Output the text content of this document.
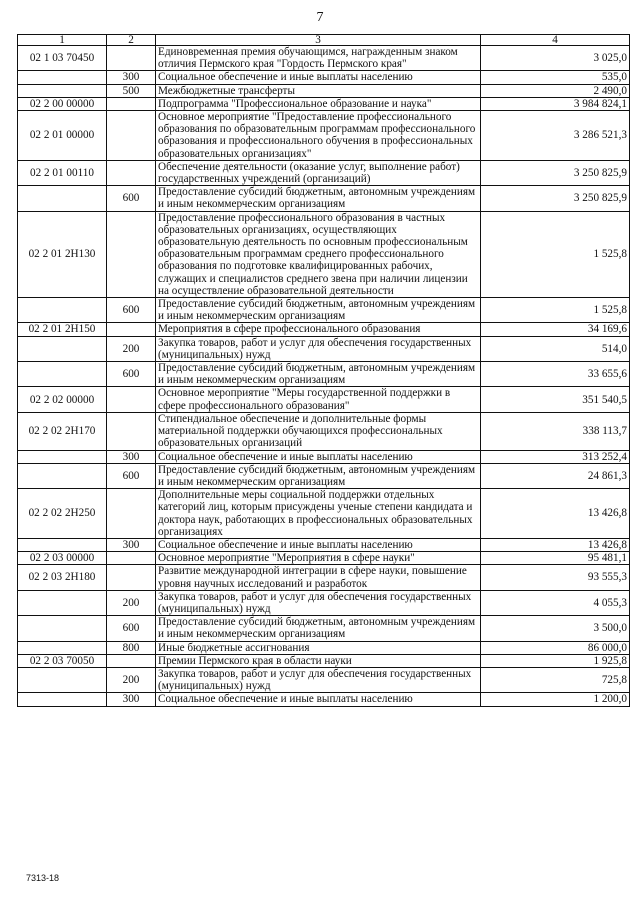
7
1	2	3	4
02 1 03 70450		Единовременная премия обучающимся, награжденным знаком отличия Пермского края "Гордость Пермского края"	3 025,0
	300	Социальное обеспечение и иные выплаты населению	535,0
	500	Межбюджетные трансферты	2 490,0
02 2 00 00000		Подпрограмма "Профессиональное образование и наука"	3 984 824,1
02 2 01 00000		Основное мероприятие "Предоставление профессионального образования по образовательным программам профессионального образования и профессионального обучения в профессиональных образовательных организациях"	3 286 521,3
02 2 01 00110		Обеспечение деятельности (оказание услуг, выполнение работ) государственных учреждений (организаций)	3 250 825,9
	600	Предоставление субсидий бюджетным, автономным учреждениям и иным некоммерческим организациям	3 250 825,9
02 2 01 2Н130		Предоставление профессионального образования в частных образовательных организациях, осуществляющих образовательную деятельность по основным профессиональным образовательным программам среднего профессионального образования по подготовке квалифицированных рабочих, служащих и специалистов среднего звена при наличии лицензии на осуществление образовательной деятельности	1 525,8
	600	Предоставление субсидий бюджетным, автономным учреждениям и иным некоммерческим организациям	1 525,8
02 2 01 2Н150		Мероприятия в сфере профессионального образования	34 169,6
	200	Закупка товаров, работ и услуг для обеспечения государственных (муниципальных) нужд	514,0
	600	Предоставление субсидий бюджетным, автономным учреждениям и иным некоммерческим организациям	33 655,6
02 2 02 00000		Основное мероприятие "Меры государственной поддержки в сфере профессионального образования"	351 540,5
02 2 02 2Н170		Стипендиальное обеспечение и дополнительные формы материальной поддержки обучающихся профессиональных образовательных организаций	338 113,7
	300	Социальное обеспечение и иные выплаты населению	313 252,4
	600	Предоставление субсидий бюджетным, автономным учреждениям и иным некоммерческим организациям	24 861,3
02 2 02 2Н250		Дополнительные меры социальной поддержки отдельных категорий лиц, которым присуждены ученые степени кандидата и доктора наук, работающих в профессиональных образовательных организациях	13 426,8
	300	Социальное обеспечение и иные выплаты населению	13 426,8
02 2 03 00000		Основное мероприятие "Мероприятия в сфере науки"	95 481,1
02 2 03 2Н180		Развитие международной интеграции в сфере науки, повышение уровня научных исследований и разработок	93 555,3
	200	Закупка товаров, работ и услуг для обеспечения государственных (муниципальных) нужд	4 055,3
	600	Предоставление субсидий бюджетным, автономным учреждениям и иным некоммерческим организациям	3 500,0
	800	Иные бюджетные ассигнования	86 000,0
02 2 03 70050		Премии Пермского края в области науки	1 925,8
	200	Закупка товаров, работ и услуг для обеспечения государственных (муниципальных) нужд	725,8
	300	Социальное обеспечение и иные выплаты населению	1 200,0
7313-18
